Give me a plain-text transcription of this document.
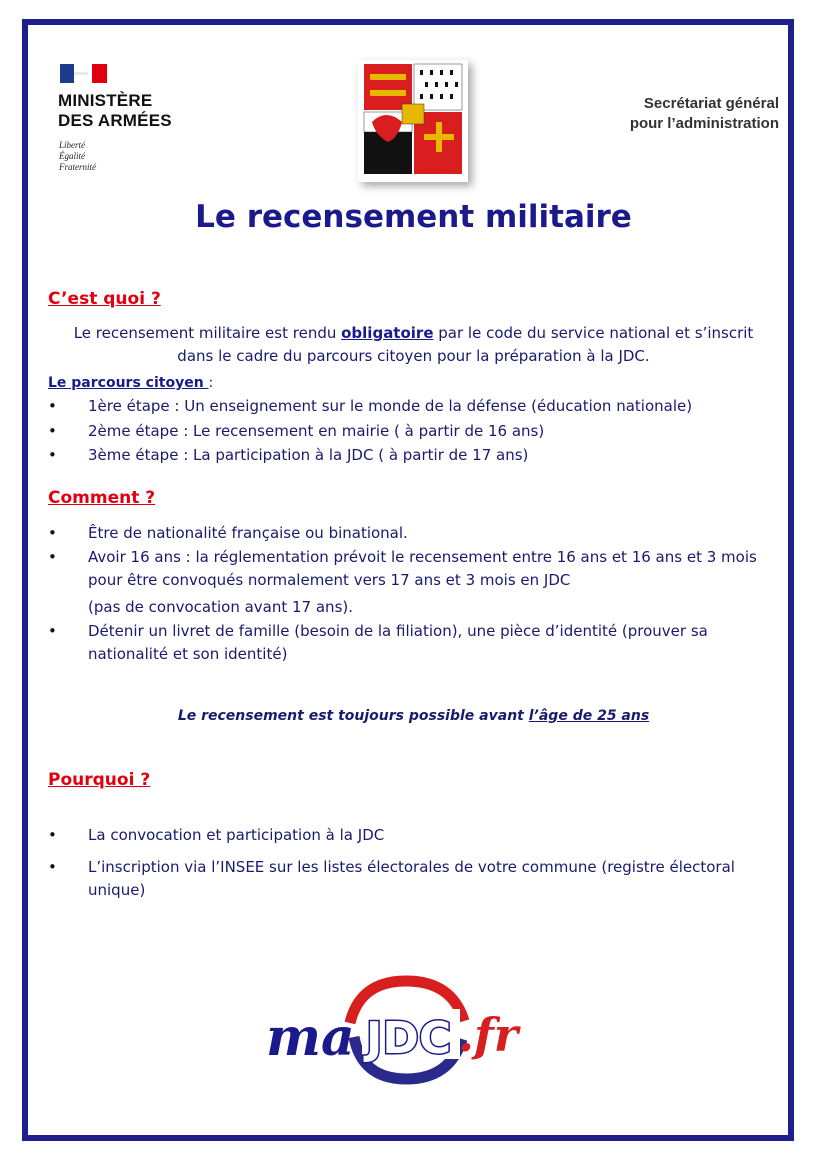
MINISTÈRE
DES ARMÉES
Liberté
Égalité
Fraternité
Secrétariat général
pour l’administration
Le recensement militaire
C’est quoi ?
Le recensement militaire est rendu obligatoire par le code du service national et s’inscrit
dans le cadre du parcours citoyen pour la préparation à la JDC.
Le parcours citoyen :
• 1ère étape : Un enseignement sur le monde de la défense (éducation nationale)
• 2ème étape : Le recensement en mairie ( à partir de 16 ans)
• 3ème étape : La participation à la JDC ( à partir de 17 ans)
Comment ?
• Être de nationalité française ou binational.
• Avoir 16 ans : la réglementation prévoit le recensement entre 16 ans et 16 ans et 3 mois pour être convoqués normalement vers 17 ans et 3 mois en JDC
(pas de convocation avant 17 ans).
• Détenir un livret de famille (besoin de la filiation), une pièce d’identité (prouver sa nationalité et son identité)
Le recensement est toujours possible avant l’âge de 25 ans
Pourquoi ?
• La convocation et participation à la JDC
• L’inscription via l’INSEE sur les listes électorales de votre commune (registre électoral unique)
ma JDC .fr
